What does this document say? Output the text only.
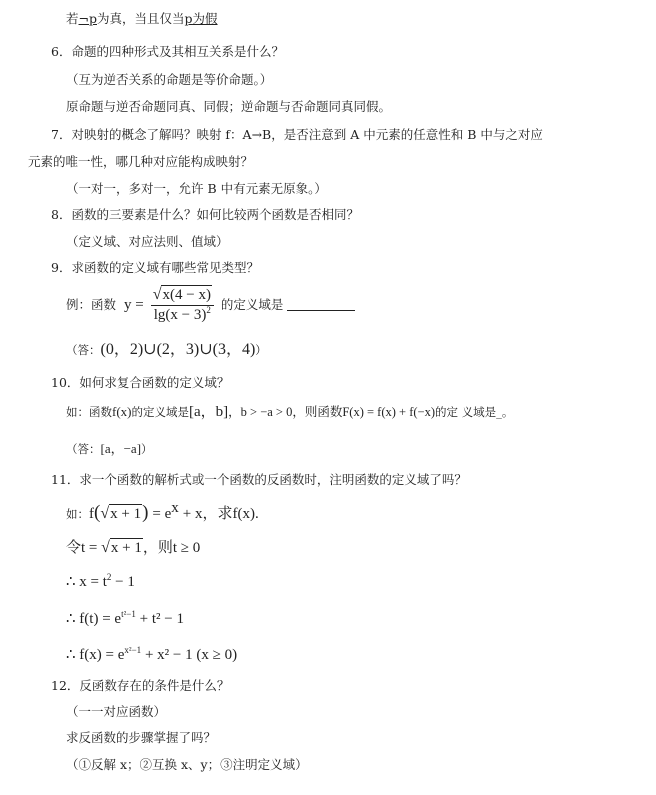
若¬p为真，当且仅当p为假
6．命题的四种形式及其相互关系是什么？
（互为逆否关系的命题是等价命题。）
原命题与逆否命题同真、同假；逆命题与否命题同真同假。
7．对映射的概念了解吗？映射 f：A→B，是否注意到 A 中元素的任意性和 B 中与之对应
元素的唯一性，哪几种对应能构成映射？
（一对一，多对一，允许 B 中有元素无原象。）
8．函数的三要素是什么？如何比较两个函数是否相同？
（定义域、对应法则、值域）
9．求函数的定义域有哪些常见类型？
例：函数 $y = \frac{√x(4 - x)}{\lg(x - 3)^2}$ 的定义域是
（答：(0，2)∪(2，3)∪(3，4)）
10．如何求复合函数的定义域？
如：函数f(x)的定义域是[a，b]，b > −a > 0，则函数F(x) = f(x) + f(−x)的定 义域是_。
（答：[a，−a]）
11．求一个函数的解析式或一个函数的反函数时，注明函数的定义域了吗？
如：$f(√x + 1) = e^x + x$，求f(x).
令t = √x + 1，则t ≥ 0
∴ $x = t^2 - 1$
∴ $f(t) = e^{t^2-1} + t^2 - 1$
∴ $f(x) = e^{x^2-1} + x^2 - 1$ (x ≥ 0)
12．反函数存在的条件是什么？
（一一对应函数）
求反函数的步骤掌握了吗？
（①反解 x；②互换 x、y；③注明定义域）
